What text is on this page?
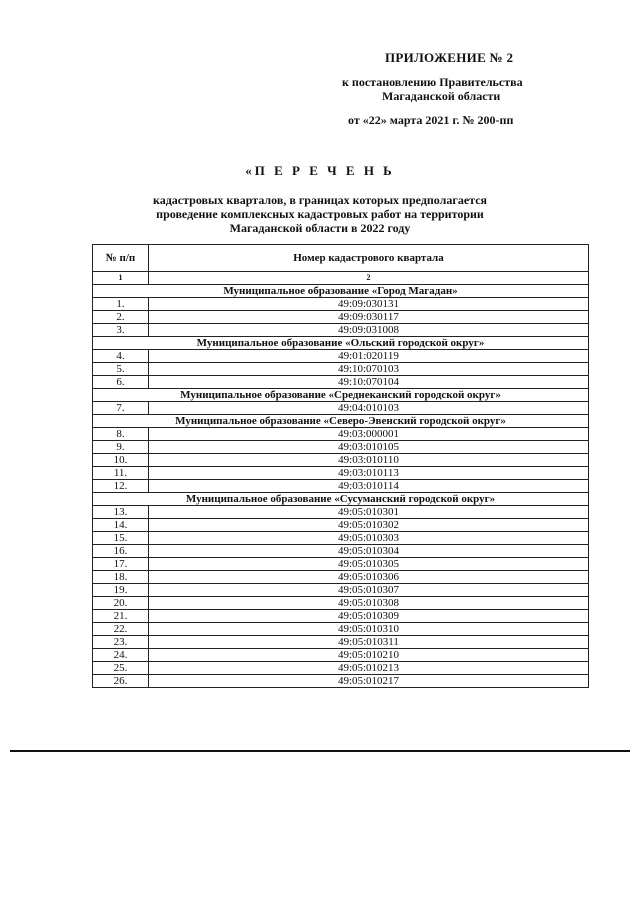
ПРИЛОЖЕНИЕ № 2
к постановлению Правительства
Магаданской области
от «22» марта 2021 г. № 200-пп
«П Е Р Е Ч Е Н Ь
кадастровых кварталов, в границах которых предполагается
проведение комплексных кадастровых работ на территории
Магаданской области в 2022 году
№ п/п	Номер кадастрового квартала
1	2
Муниципальное образование «Город Магадан»	
1.	49:09:030131
2.	49:09:030117
3.	49:09:031008
Муниципальное образование «Ольский городской округ»	
4.	49:01:020119
5.	49:10:070103
6.	49:10:070104
Муниципальное образование «Среднеканский городской округ»	
7.	49:04:010103
Муниципальное образование «Северо-Эвенский городской округ»	
8.	49:03:000001
9.	49:03:010105
10.	49:03:010110
11.	49:03:010113
12.	49:03:010114
Муниципальное образование «Сусуманский городской округ»	
13.	49:05:010301
14.	49:05:010302
15.	49:05:010303
16.	49:05:010304
17.	49:05:010305
18.	49:05:010306
19.	49:05:010307
20.	49:05:010308
21.	49:05:010309
22.	49:05:010310
23.	49:05:010311
24.	49:05:010210
25.	49:05:010213
26.	49:05:010217
